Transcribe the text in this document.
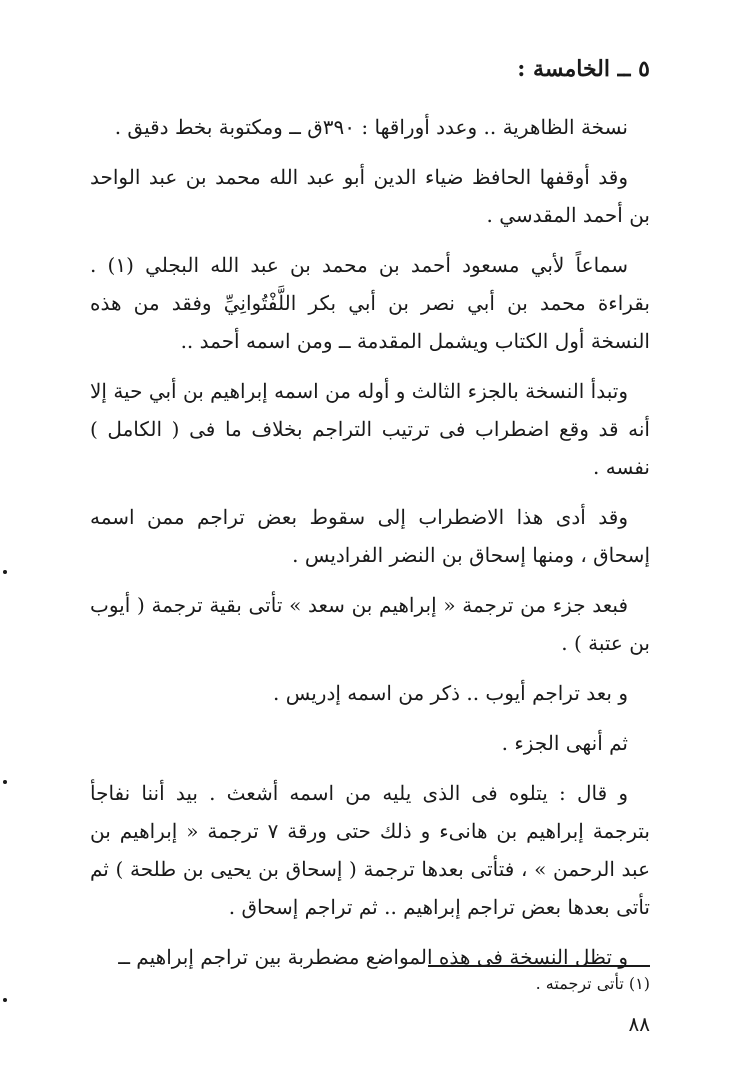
٥ ــ الخامسة :

نسخة الظاهرية .. وعدد أوراقها : ٣٩٠ق ــ ومكتوبة بخط دقيق .

وقد أوقفها الحافظ ضياء الدين أبو عبد الله محمد بن عبد الواحد بن أحمد المقدسي .

سماعاً لأبي مسعود أحمد بن محمد بن عبد الله البجلي (١) . بقراءة محمد بن أبي نصر بن أبي بكر اللَّفْتُوانِيِّ وفقد من هذه النسخة أول الكتاب ويشمل المقدمة ــ ومن اسمه أحمد ..

وتبدأ النسخة بالجزء الثالث و أوله من اسمه إبراهيم بن أبي حية إلا أنه قد وقع اضطراب فى ترتيب التراجم بخلاف ما فى ( الكامل ) نفسه .

وقد أدى هذا الاضطراب إلى سقوط بعض تراجم ممن اسمه إسحاق ، ومنها إسحاق بن النضر الفراديس .

فبعد جزء من ترجمة « إبراهيم بن سعد » تأتى بقية ترجمة ( أيوب بن عتبة ) .

و بعد تراجم أيوب .. ذكر من اسمه إدريس .

ثم أنهى الجزء .

و قال : يتلوه فى الذى يليه من اسمه أشعث . بيد أننا نفاجأ بترجمة إبراهيم بن هانىء و ذلك حتى ورقة ٧ ترجمة « إبراهيم بن عبد الرحمن » ، فتأتى بعدها ترجمة ( إسحاق بن يحيى بن طلحة ) ثم تأتى بعدها بعض تراجم إبراهيم .. ثم تراجم إسحاق .

و تظل النسخة فى هذه المواضع مضطربة بين تراجم إبراهيم ــ

(١) تأتى ترجمته .
٨٨
